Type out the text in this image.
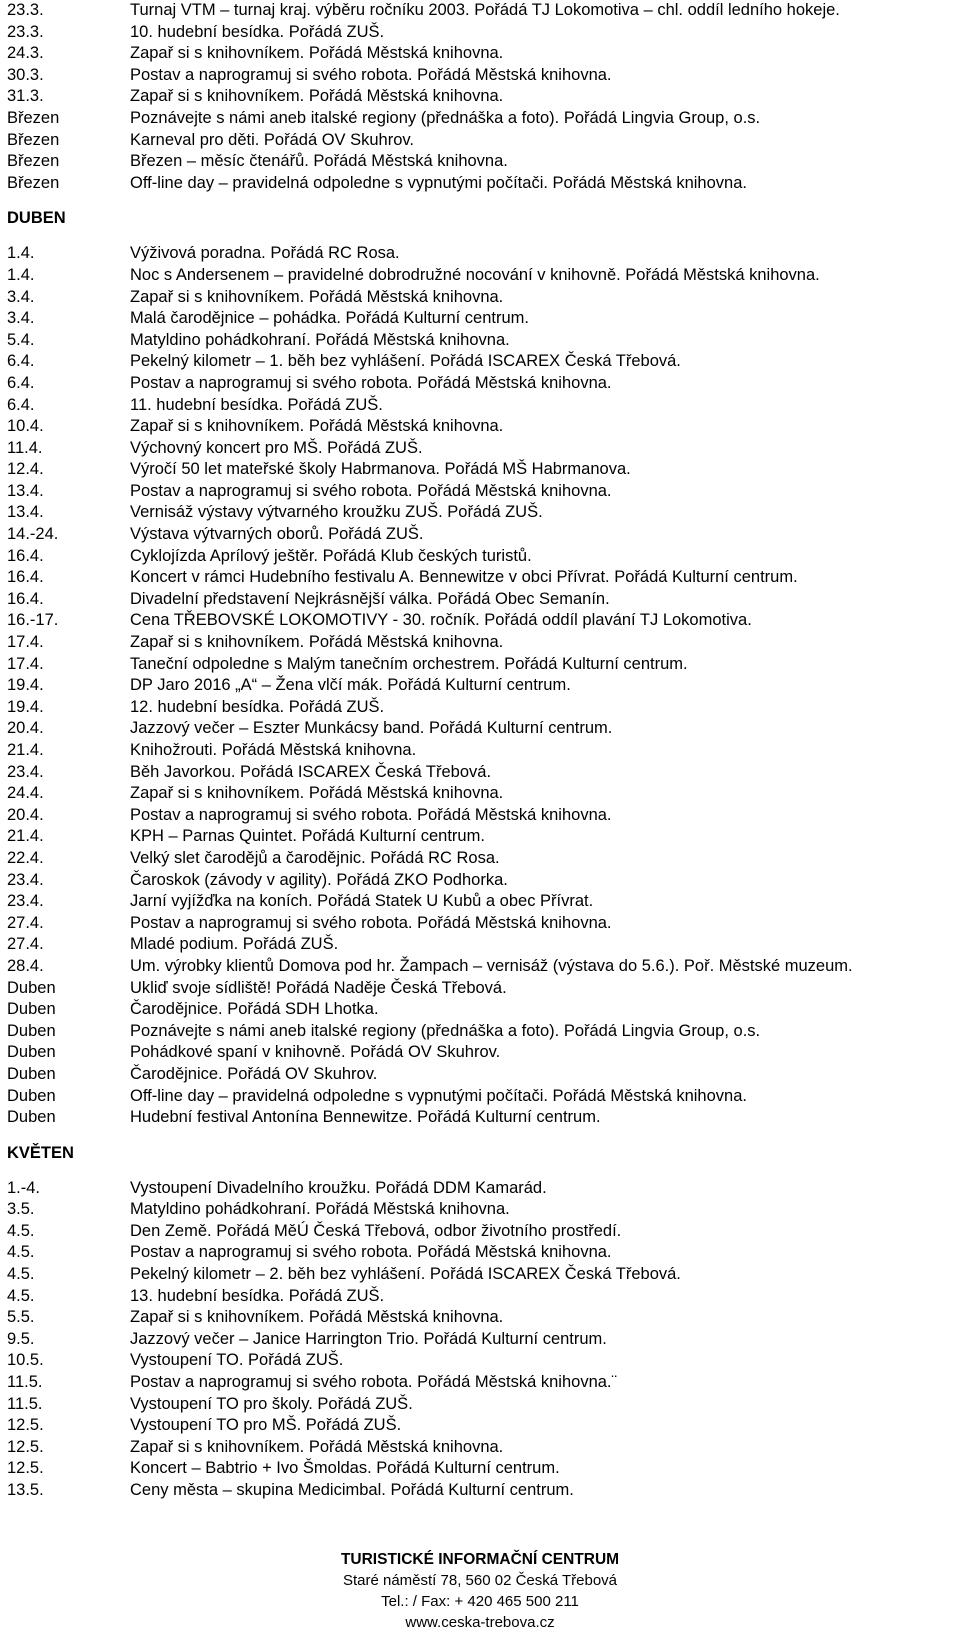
23.3.	Turnaj VTM – turnaj kraj. výběru ročníku 2003. Pořádá TJ Lokomotiva – chl. oddíl ledního hokeje.
23.3.	10. hudební besídka. Pořádá ZUŠ.
24.3.	Zapař si s knihovníkem. Pořádá Městská knihovna.
30.3.	Postav a naprogramuj si svého robota. Pořádá Městská knihovna.
31.3.	Zapař si s knihovníkem. Pořádá Městská knihovna.
Březen	Poznávejte s námi aneb italské regiony (přednáška a foto). Pořádá Lingvia Group, o.s.
Březen	Karneval pro děti. Pořádá OV Skuhrov.
Březen	Březen – měsíc čtenářů. Pořádá Městská knihovna.
Březen	Off-line day – pravidelná odpoledne s vypnutými počítači. Pořádá Městská knihovna.
DUBEN
1.4.	Výživová poradna. Pořádá RC Rosa.
1.4.	Noc s Andersenem – pravidelné dobrodružné nocování v knihovně. Pořádá Městská knihovna.
3.4.	Zapař si s knihovníkem. Pořádá Městská knihovna.
3.4.	Malá čarodějnice – pohádka. Pořádá Kulturní centrum.
5.4.	Matyldino pohádkohraní. Pořádá Městská knihovna.
6.4.	Pekelný kilometr – 1. běh bez vyhlášení. Pořádá ISCAREX Česká Třebová.
6.4.	Postav a naprogramuj si svého robota. Pořádá Městská knihovna.
6.4.	11. hudební besídka. Pořádá ZUŠ.
10.4.	Zapař si s knihovníkem. Pořádá Městská knihovna.
11.4.	Výchovný koncert pro MŠ. Pořádá ZUŠ.
12.4.	Výročí 50 let mateřské školy Habrmanova. Pořádá MŠ Habrmanova.
13.4.	Postav a naprogramuj si svého robota. Pořádá Městská knihovna.
13.4.	Vernisáž výstavy výtvarného kroužku ZUŠ. Pořádá ZUŠ.
14.-24.	Výstava výtvarných oborů. Pořádá ZUŠ.
16.4.	Cyklojízda Aprílový ještěr. Pořádá Klub českých turistů.
16.4.	Koncert v rámci Hudebního festivalu A. Bennewitze v obci Přívrat. Pořádá Kulturní centrum.
16.4.	Divadelní představení Nejkrásnější válka. Pořádá Obec Semanín.
16.-17.	Cena TŘEBOVSKÉ LOKOMOTIVY - 30. ročník. Pořádá oddíl plavání TJ Lokomotiva.
17.4.	Zapař si s knihovníkem. Pořádá Městská knihovna.
17.4.	Taneční odpoledne s Malým tanečním orchestrem. Pořádá Kulturní centrum.
19.4.	DP Jaro 2016 „A“ – Žena vlčí mák. Pořádá Kulturní centrum.
19.4.	12. hudební besídka. Pořádá ZUŠ.
20.4.	Jazzový večer – Eszter Munkácsy band. Pořádá Kulturní centrum.
21.4.	Knihožrouti. Pořádá Městská knihovna.
23.4.	Běh Javorkou. Pořádá ISCAREX Česká Třebová.
24.4.	Zapař si s knihovníkem. Pořádá Městská knihovna.
20.4.	Postav a naprogramuj si svého robota. Pořádá Městská knihovna.
21.4.	KPH – Parnas Quintet. Pořádá Kulturní centrum.
22.4.	Velký slet čarodějů a čarodějnic. Pořádá RC Rosa.
23.4.	Čaroskok (závody v agility). Pořádá ZKO Podhorka.
23.4.	Jarní vyjížďka na koních. Pořádá Statek U Kubů a obec Přívrat.
27.4.	Postav a naprogramuj si svého robota. Pořádá Městská knihovna.
27.4.	Mladé podium. Pořádá ZUŠ.
28.4.	Um. výrobky klientů Domova pod hr. Žampach – vernisáž (výstava do 5.6.). Poř. Městské muzeum.
Duben	Ukliď svoje sídliště! Pořádá Naděje Česká Třebová.
Duben	Čarodějnice. Pořádá SDH Lhotka.
Duben	Poznávejte s námi aneb italské regiony (přednáška a foto). Pořádá Lingvia Group, o.s.
Duben	Pohádkové spaní v knihovně. Pořádá OV Skuhrov.
Duben	Čarodějnice. Pořádá OV Skuhrov.
Duben	Off-line day – pravidelná odpoledne s vypnutými počítači. Pořádá Městská knihovna.
Duben	Hudební festival Antonína Bennewitze. Pořádá Kulturní centrum.
KVĚTEN
1.-4.	Vystoupení Divadelního kroužku. Pořádá DDM Kamarád.
3.5.	Matyldino pohádkohraní. Pořádá Městská knihovna.
4.5.	Den Země. Pořádá MěÚ Česká Třebová, odbor životního prostředí.
4.5.	Postav a naprogramuj si svého robota. Pořádá Městská knihovna.
4.5.	Pekelný kilometr – 2. běh bez vyhlášení. Pořádá ISCAREX Česká Třebová.
4.5.	13. hudební besídka. Pořádá ZUŠ.
5.5.	Zapař si s knihovníkem. Pořádá Městská knihovna.
9.5.	Jazzový večer – Janice Harrington Trio. Pořádá Kulturní centrum.
10.5.	Vystoupení TO. Pořádá ZUŠ.
11.5.	Postav a naprogramuj si svého robota. Pořádá Městská knihovna.¨
11.5.	Vystoupení TO pro školy. Pořádá ZUŠ.
12.5.	Vystoupení TO pro MŠ. Pořádá ZUŠ.
12.5.	Zapař si s knihovníkem. Pořádá Městská knihovna.
12.5.	Koncert – Babtrio + Ivo Šmoldas. Pořádá Kulturní centrum.
13.5.	Ceny města – skupina Medicimbal. Pořádá Kulturní centrum.
TURISTICKÉ INFORMAČNÍ CENTRUM
Staré náměstí 78, 560 02 Česká Třebová
Tel.: / Fax: + 420 465 500 211
www.ceska-trebova.cz
